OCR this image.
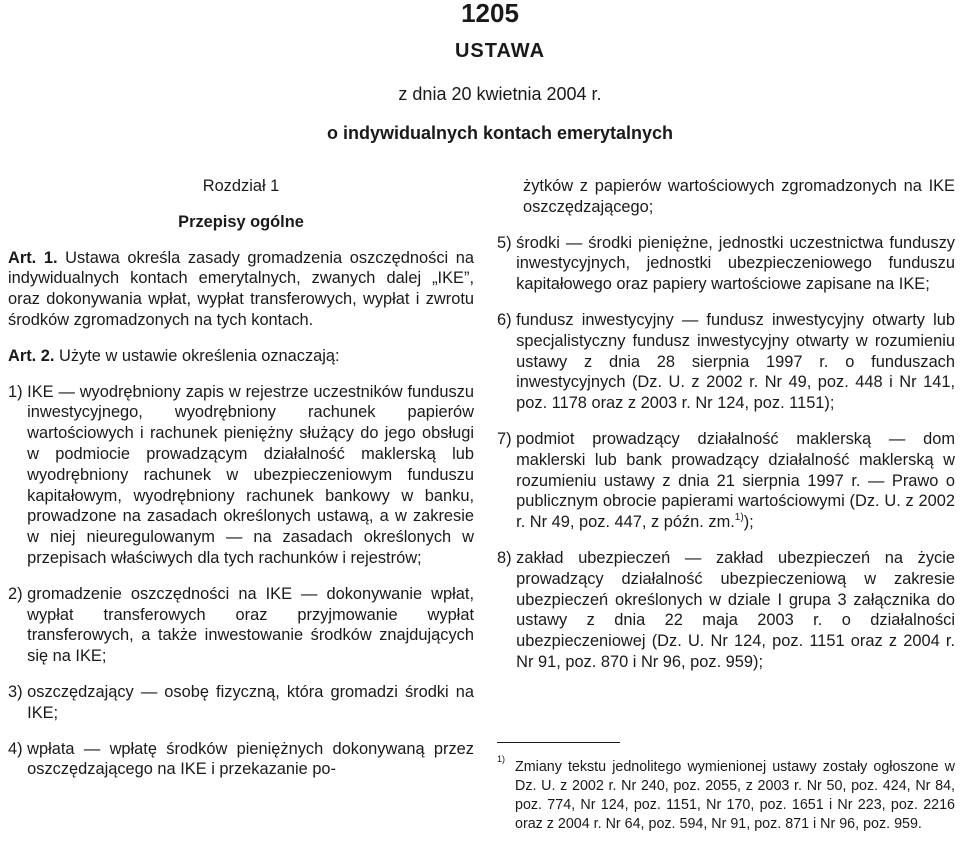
1205
USTAWA
z dnia 20 kwietnia 2004 r.
o indywidualnych kontach emerytalnych
Rozdział 1
Przepisy ogólne

Art. 1. Ustawa określa zasady gromadzenia oszczędności na indywidualnych kontach emerytalnych, zwanych dalej „IKE”, oraz dokonywania wpłat, wypłat transferowych, wypłat i zwrotu środków zgromadzonych na tych kontach.

Art. 2. Użyte w ustawie określenia oznaczają:

1) IKE — wyodrębniony zapis w rejestrze uczestników funduszu inwestycyjnego, wyodrębniony rachunek papierów wartościowych i rachunek pieniężny służący do jego obsługi w podmiocie prowadzącym działalność maklerską lub wyodrębniony rachunek w ubezpieczeniowym funduszu kapitałowym, wyodrębniony rachunek bankowy w banku, prowadzone na zasadach określonych ustawą, a w zakresie w niej nieuregulowanym — na zasadach określonych w przepisach właściwych dla tych rachunków i rejestrów;
2) gromadzenie oszczędności na IKE — dokonywanie wpłat, wypłat transferowych oraz przyjmowanie wypłat transferowych, a także inwestowanie środków znajdujących się na IKE;
3) oszczędzający — osobę fizyczną, która gromadzi środki na IKE;
4) wpłata — wpłatę środków pieniężnych dokonywaną przez oszczędzającego na IKE i przekazanie po-

żytków z papierów wartościowych zgromadzonych na IKE oszczędzającego;

5) środki — środki pieniężne, jednostki uczestnictwa funduszy inwestycyjnych, jednostki ubezpieczeniowego funduszu kapitałowego oraz papiery wartościowe zapisane na IKE;
6) fundusz inwestycyjny — fundusz inwestycyjny otwarty lub specjalistyczny fundusz inwestycyjny otwarty w rozumieniu ustawy z dnia 28 sierpnia 1997 r. o funduszach inwestycyjnych (Dz. U. z 2002 r. Nr 49, poz. 448 i Nr 141, poz. 1178 oraz z 2003 r. Nr 124, poz. 1151);
7) podmiot prowadzący działalność maklerską — dom maklerski lub bank prowadzący działalność maklerską w rozumieniu ustawy z dnia 21 sierpnia 1997 r. — Prawo o publicznym obrocie papierami wartościowymi (Dz. U. z 2002 r. Nr 49, poz. 447, z późn. zm.$^{1)}$);
8) zakład ubezpieczeń — zakład ubezpieczeń na życie prowadzący działalność ubezpieczeniową w zakresie ubezpieczeń określonych w dziale I grupa 3 załącznika do ustawy z dnia 22 maja 2003 r. o działalności ubezpieczeniowej (Dz. U. Nr 124, poz. 1151 oraz z 2004 r. Nr 91, poz. 870 i Nr 96, poz. 959);
$^{1)}$ Zmiany tekstu jednolitego wymienionej ustawy zostały ogłoszone w Dz. U. z 2002 r. Nr 240, poz. 2055, z 2003 r. Nr 50, poz. 424, Nr 84, poz. 774, Nr 124, poz. 1151, Nr 170, poz. 1651 i Nr 223, poz. 2216 oraz z 2004 r. Nr 64, poz. 594, Nr 91, poz. 871 i Nr 96, poz. 959.
